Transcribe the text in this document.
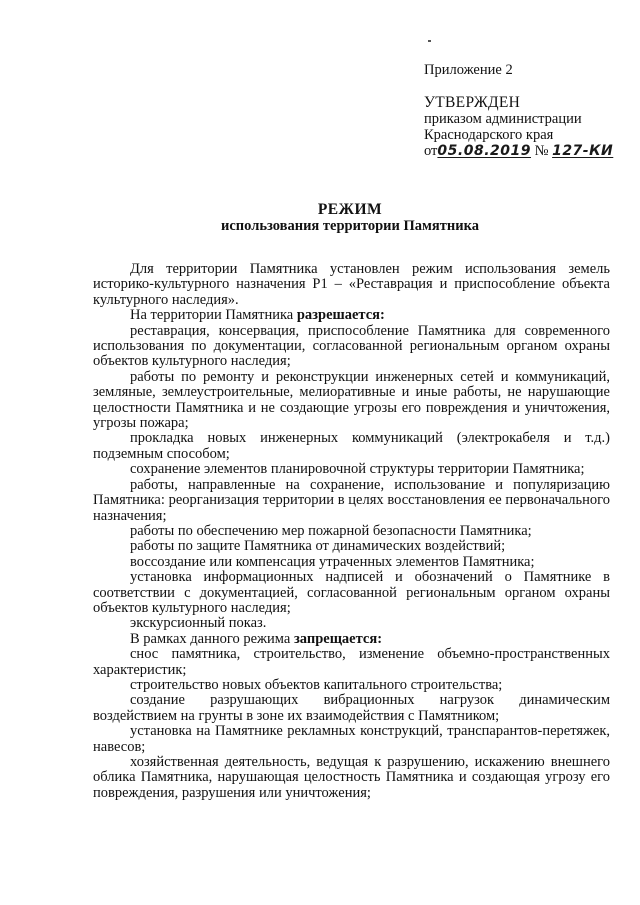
Приложение 2
УТВЕРЖДЕН
приказом администрации
Краснодарского края
от05.08.2019 № 127-КИ
РЕЖИМ
использования территории Памятника

Для территории Памятника установлен режим использования земель историко-культурного назначения Р1 – «Реставрация и приспособление объекта культурного наследия».

На территории Памятника разрешается:

реставрация, консервация, приспособление Памятника для современного использования по документации, согласованной региональным органом охраны объектов культурного наследия;

работы по ремонту и реконструкции инженерных сетей и коммуникаций, земляные, землеустроительные, мелиоративные и иные работы, не нарушающие целостности Памятника и не создающие угрозы его повреждения и уничтожения, угрозы пожара;

прокладка новых инженерных коммуникаций (электрокабеля и т.д.) подземным способом;

сохранение элементов планировочной структуры территории Памятника;

работы, направленные на сохранение, использование и популяризацию Памятника: реорганизация территории в целях восстановления ее первоначального назначения;

работы по обеспечению мер пожарной безопасности Памятника;

работы по защите Памятника от динамических воздействий;

воссоздание или компенсация утраченных элементов Памятника;

установка информационных надписей и обозначений о Памятнике в соответствии с документацией, согласованной региональным органом охраны объектов культурного наследия;

экскурсионный показ.

В рамках данного режима запрещается:

снос памятника, строительство, изменение объемно-пространственных характеристик;

строительство новых объектов капитального строительства;

создание разрушающих вибрационных нагрузок динамическим воздействием на грунты в зоне их взаимодействия с Памятником;

установка на Памятнике рекламных конструкций, транспарантов-перетяжек, навесов;

хозяйственная деятельность, ведущая к разрушению, искажению внешнего облика Памятника, нарушающая целостность Памятника и создающая угрозу его повреждения, разрушения или уничтожения;
